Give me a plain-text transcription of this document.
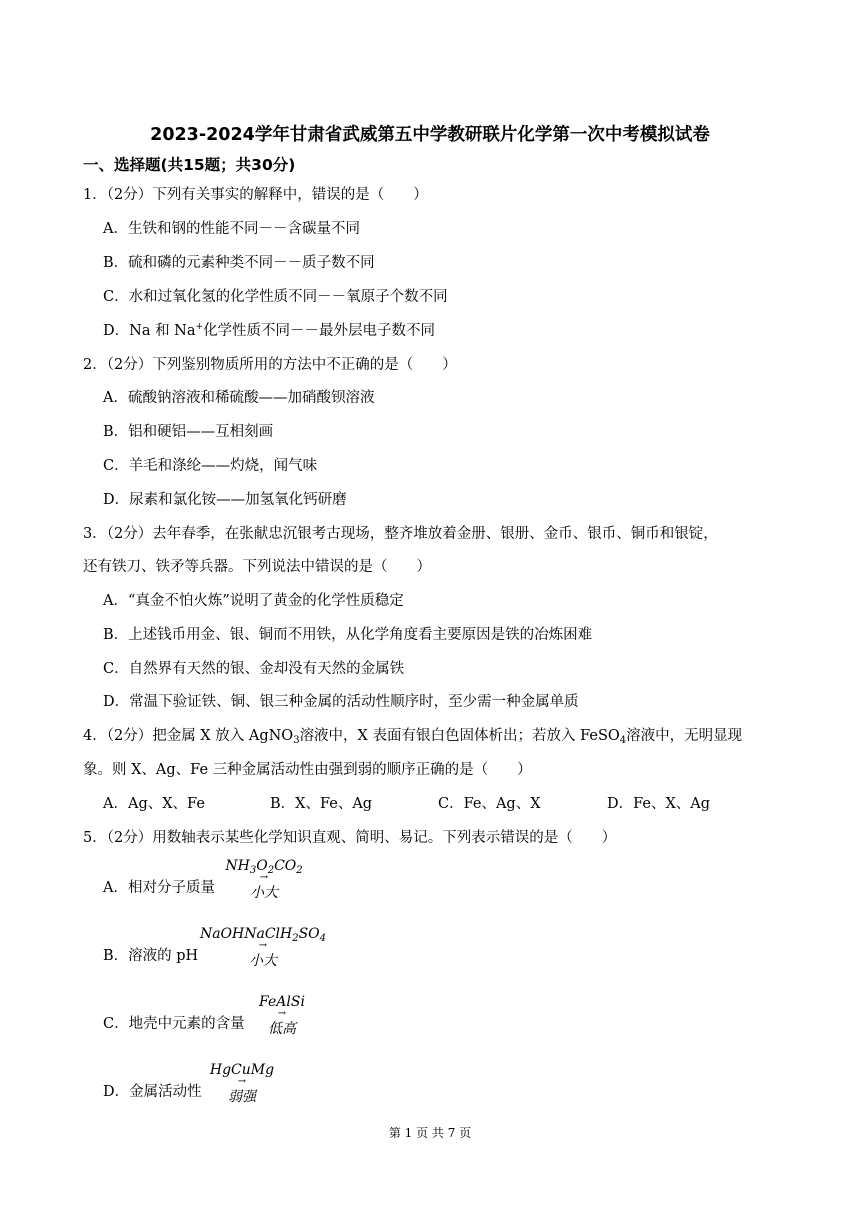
2023-2024学年甘肃省武威第五中学教研联片化学第一次中考模拟试卷
一、选择题(共15题；共30分)
1．（2分）下列有关事实的解释中，错误的是（　　）
A．生铁和钢的性能不同－－含碳量不同
B．硫和磷的元素种类不同－－质子数不同
C．水和过氧化氢的化学性质不同－－氧原子个数不同
D．Na 和 Na+化学性质不同－－最外层电子数不同
2．（2分）下列鉴别物质所用的方法中不正确的是（　　）
A．硫酸钠溶液和稀硫酸——加硝酸钡溶液
B．铝和硬铝——互相刻画
C．羊毛和涤纶——灼烧，闻气味
D．尿素和氯化铵——加氢氧化钙研磨
3．（2分）去年春季，在张献忠沉银考古现场，整齐堆放着金册、银册、金币、银币、铜币和银锭，
还有铁刀、铁矛等兵器。下列说法中错误的是（　　）
A．“真金不怕火炼”说明了黄金的化学性质稳定
B．上述钱币用金、银、铜而不用铁，从化学角度看主要原因是铁的冶炼困难
C．自然界有天然的银、金却没有天然的金属铁
D．常温下验证铁、铜、银三种金属的活动性顺序时，至少需一种金属单质
4．（2分）把金属 X 放入 AgNO$_3$溶液中，X 表面有银白色固体析出；若放入 FeSO$_4$溶液中，无明显现
象。则 X、Ag、Fe 三种金属活动性由强到弱的顺序正确的是（　　）
A．Ag、X、Fe	B．X、Fe、Ag	C．Fe、Ag、X	D．Fe、X、Ag
5．（2分）用数轴表示某些化学知识直观、简明、易记。下列表示错误的是（　　）
A．相对分子质量
$NH_3O_2CO_2$
→
小大
B．溶液的 pH
$NaOHNaClH_2SO_4$
→
小大
C．地壳中元素的含量
FeAlSi
→
低高
D．金属活动性
HgCuMg
→
弱强
第 1 页 共 7 页
